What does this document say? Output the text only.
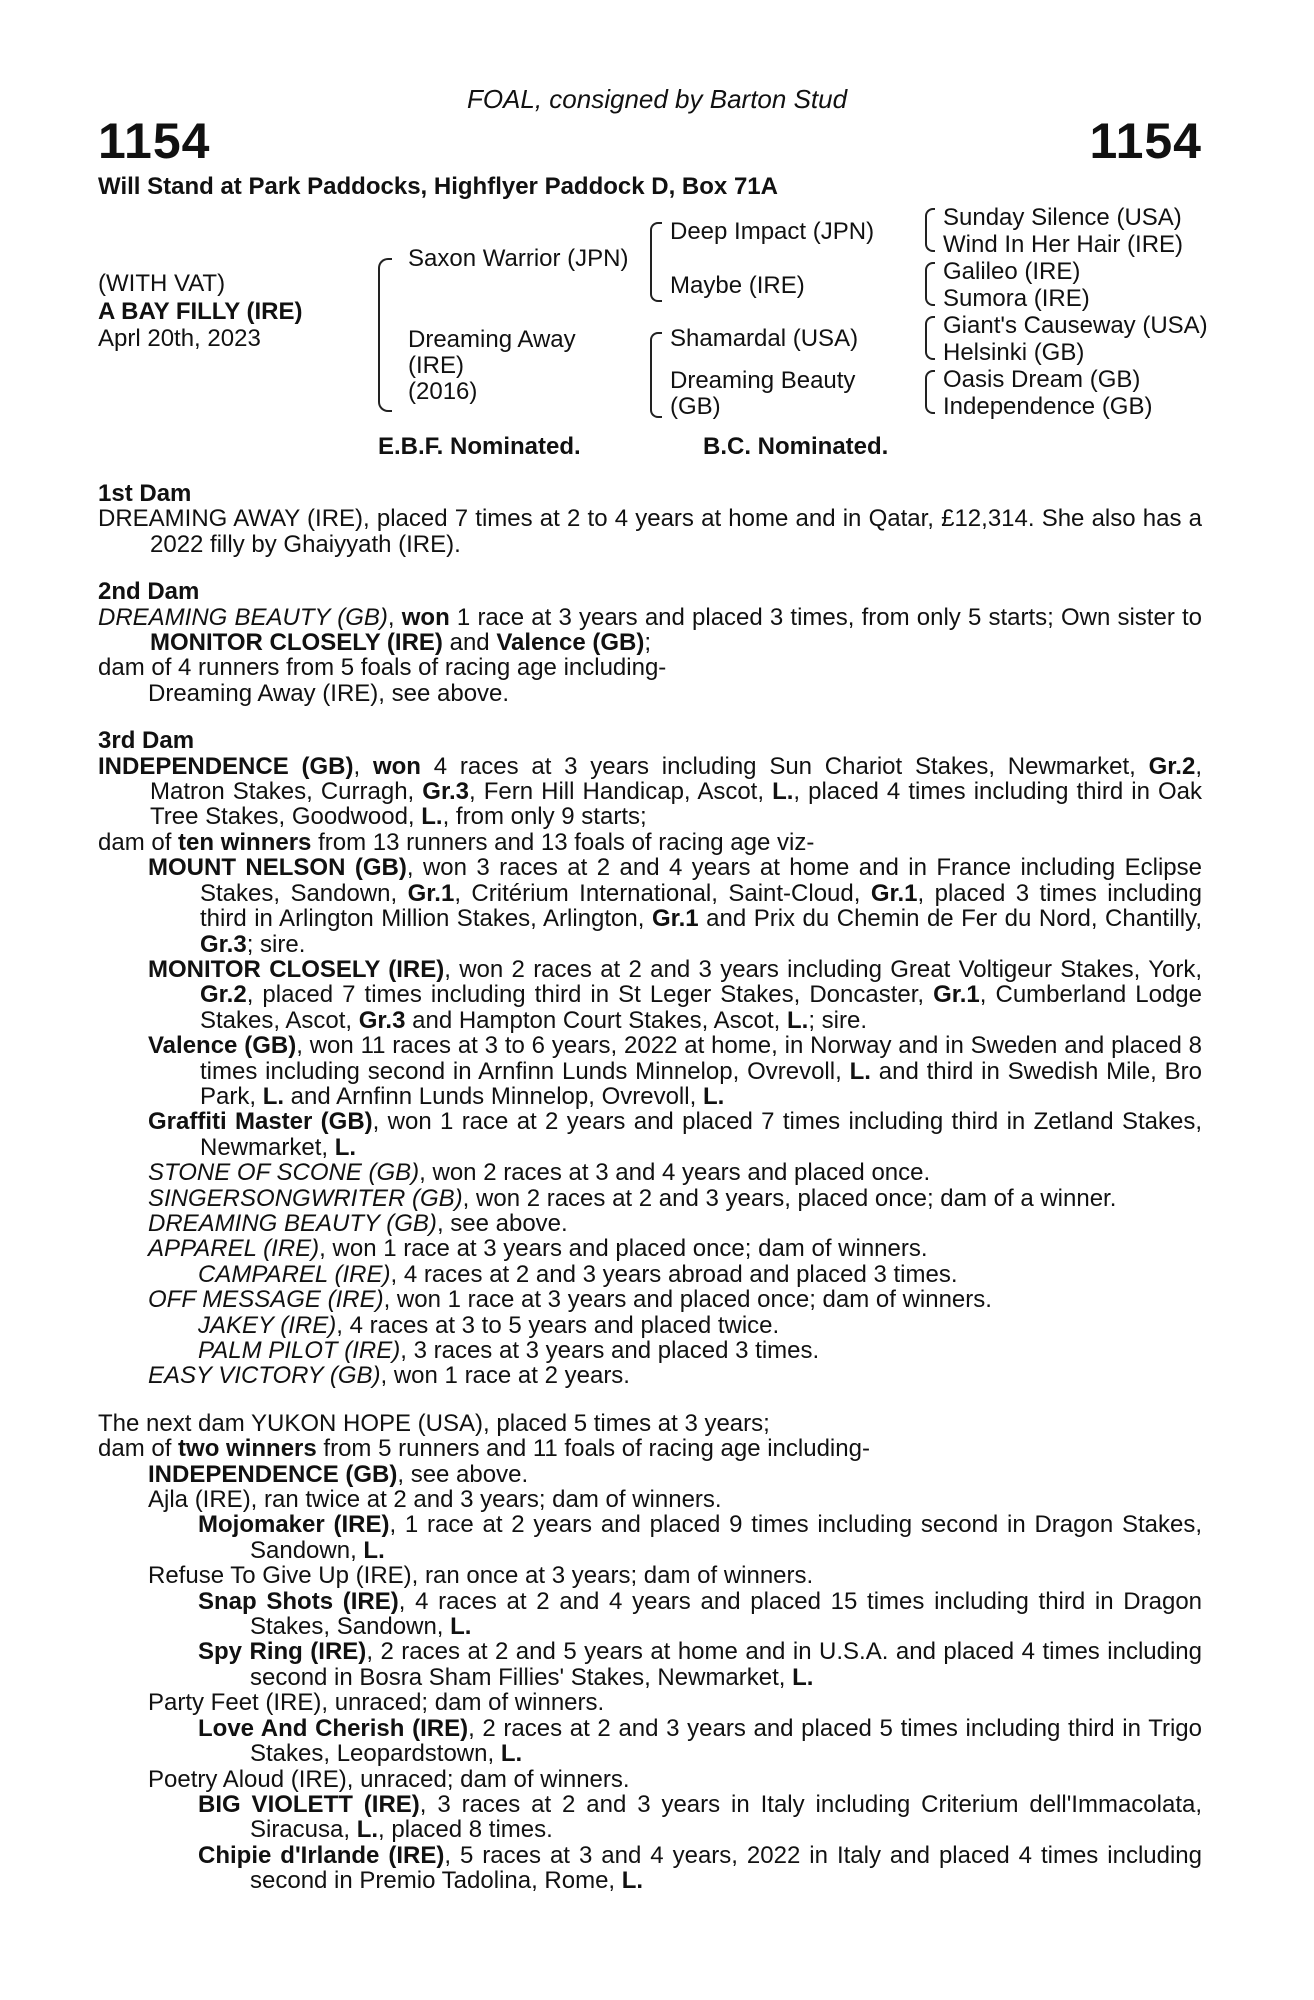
FOAL, consigned by Barton Stud
1154	1154
Will Stand at Park Paddocks, Highflyer Paddock D, Box 71A
(WITH VAT)
A BAY FILLY (IRE)
Aprl 20th, 2023
Saxon Warrior (JPN)
Dreaming Away
(IRE)
(2016)
Deep Impact (JPN)
Maybe (IRE)
Shamardal (USA)
Dreaming Beauty
(GB)
Sunday Silence (USA)
Wind In Her Hair (IRE)
Galileo (IRE)
Sumora (IRE)
Giant's Causeway (USA)
Helsinki (GB)
Oasis Dream (GB)
Independence (GB)
E.B.F. Nominated.	B.C. Nominated.
1st Dam
DREAMING AWAY (IRE), placed 7 times at 2 to 4 years at home and in Qatar, £12,314. She also has a 2022 filly by Ghaiyyath (IRE).
2nd Dam
DREAMING BEAUTY (GB), won 1 race at 3 years and placed 3 times, from only 5 starts; Own sister to MONITOR CLOSELY (IRE) and Valence (GB);
dam of 4 runners from 5 foals of racing age including-
Dreaming Away (IRE), see above.
3rd Dam
INDEPENDENCE (GB), won 4 races at 3 years including Sun Chariot Stakes, Newmarket, Gr.2, Matron Stakes, Curragh, Gr.3, Fern Hill Handicap, Ascot, L., placed 4 times including third in Oak Tree Stakes, Goodwood, L., from only 9 starts;
dam of ten winners from 13 runners and 13 foals of racing age viz-
MOUNT NELSON (GB), won 3 races at 2 and 4 years at home and in France including Eclipse Stakes, Sandown, Gr.1, Critérium International, Saint-Cloud, Gr.1, placed 3 times including third in Arlington Million Stakes, Arlington, Gr.1 and Prix du Chemin de Fer du Nord, Chantilly, Gr.3; sire.
MONITOR CLOSELY (IRE), won 2 races at 2 and 3 years including Great Voltigeur Stakes, York, Gr.2, placed 7 times including third in St Leger Stakes, Doncaster, Gr.1, Cumberland Lodge Stakes, Ascot, Gr.3 and Hampton Court Stakes, Ascot, L.; sire.
Valence (GB), won 11 races at 3 to 6 years, 2022 at home, in Norway and in Sweden and placed 8 times including second in Arnfinn Lunds Minnelop, Ovrevoll, L. and third in Swedish Mile, Bro Park, L. and Arnfinn Lunds Minnelop, Ovrevoll, L.
Graffiti Master (GB), won 1 race at 2 years and placed 7 times including third in Zetland Stakes, Newmarket, L.
STONE OF SCONE (GB), won 2 races at 3 and 4 years and placed once.
SINGERSONGWRITER (GB), won 2 races at 2 and 3 years, placed once; dam of a winner.
DREAMING BEAUTY (GB), see above.
APPAREL (IRE), won 1 race at 3 years and placed once; dam of winners.
CAMPAREL (IRE), 4 races at 2 and 3 years abroad and placed 3 times.
OFF MESSAGE (IRE), won 1 race at 3 years and placed once; dam of winners.
JAKEY (IRE), 4 races at 3 to 5 years and placed twice.
PALM PILOT (IRE), 3 races at 3 years and placed 3 times.
EASY VICTORY (GB), won 1 race at 2 years.
The next dam YUKON HOPE (USA), placed 5 times at 3 years;
dam of two winners from 5 runners and 11 foals of racing age including-
INDEPENDENCE (GB), see above.
Ajla (IRE), ran twice at 2 and 3 years; dam of winners.
Mojomaker (IRE), 1 race at 2 years and placed 9 times including second in Dragon Stakes, Sandown, L.
Refuse To Give Up (IRE), ran once at 3 years; dam of winners.
Snap Shots (IRE), 4 races at 2 and 4 years and placed 15 times including third in Dragon Stakes, Sandown, L.
Spy Ring (IRE), 2 races at 2 and 5 years at home and in U.S.A. and placed 4 times including second in Bosra Sham Fillies' Stakes, Newmarket, L.
Party Feet (IRE), unraced; dam of winners.
Love And Cherish (IRE), 2 races at 2 and 3 years and placed 5 times including third in Trigo Stakes, Leopardstown, L.
Poetry Aloud (IRE), unraced; dam of winners.
BIG VIOLETT (IRE), 3 races at 2 and 3 years in Italy including Criterium dell'Immacolata, Siracusa, L., placed 8 times.
Chipie d'Irlande (IRE), 5 races at 3 and 4 years, 2022 in Italy and placed 4 times including second in Premio Tadolina, Rome, L.
